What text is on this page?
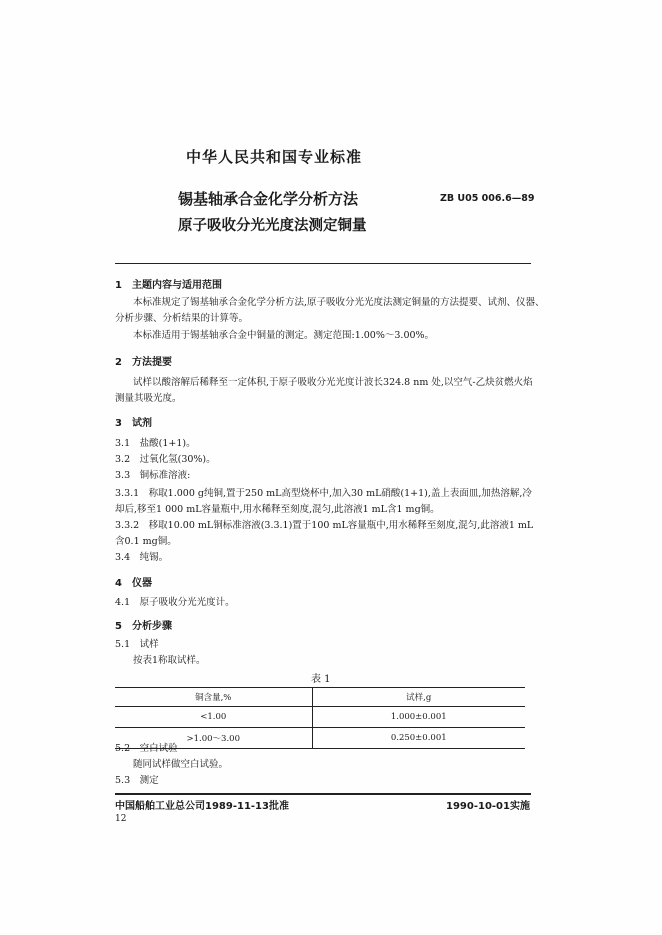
中华人民共和国专业标准
锡基轴承合金化学分析方法
原子吸收分光光度法测定铜量
ZB U05 006.6—89
1　主题内容与适用范围
本标准规定了锡基轴承合金化学分析方法,原子吸收分光光度法测定铜量的方法提要、试剂、仪器、
分析步骤、分析结果的计算等。
本标准适用于锡基轴承合金中铜量的测定。测定范围:1.00%～3.00%。
2　方法提要
试样以酸溶解后稀释至一定体积,于原子吸收分光光度计波长324.8 nm 处,以空气-乙炔贫燃火焰
测量其吸光度。
3　试剂
3.1　盐酸(1+1)。
3.2　过氧化氢(30%)。
3.3　铜标准溶液:
3.3.1　称取1.000 g纯铜,置于250 mL高型烧杯中,加入30 mL硝酸(1+1),盖上表面皿,加热溶解,冷
却后,移至1 000 mL容量瓶中,用水稀释至刻度,混匀,此溶液1 mL含1 mg铜。
3.3.2　移取10.00 mL铜标准溶液(3.3.1)置于100 mL容量瓶中,用水稀释至刻度,混匀,此溶液1 mL
含0.1 mg铜。
3.4　纯锡。
4　仪器
4.1　原子吸收分光光度计。
5　分析步骤
5.1　试样
按表1称取试样。
表 1
铜含量,%	试样,g
<1.00	1.000±0.001
>1.00～3.00	0.250±0.001
5.2　空白试验
随同试样做空白试验。
5.3　测定
中国船舶工业总公司1989-11-13批准	1990-10-01实施
12
